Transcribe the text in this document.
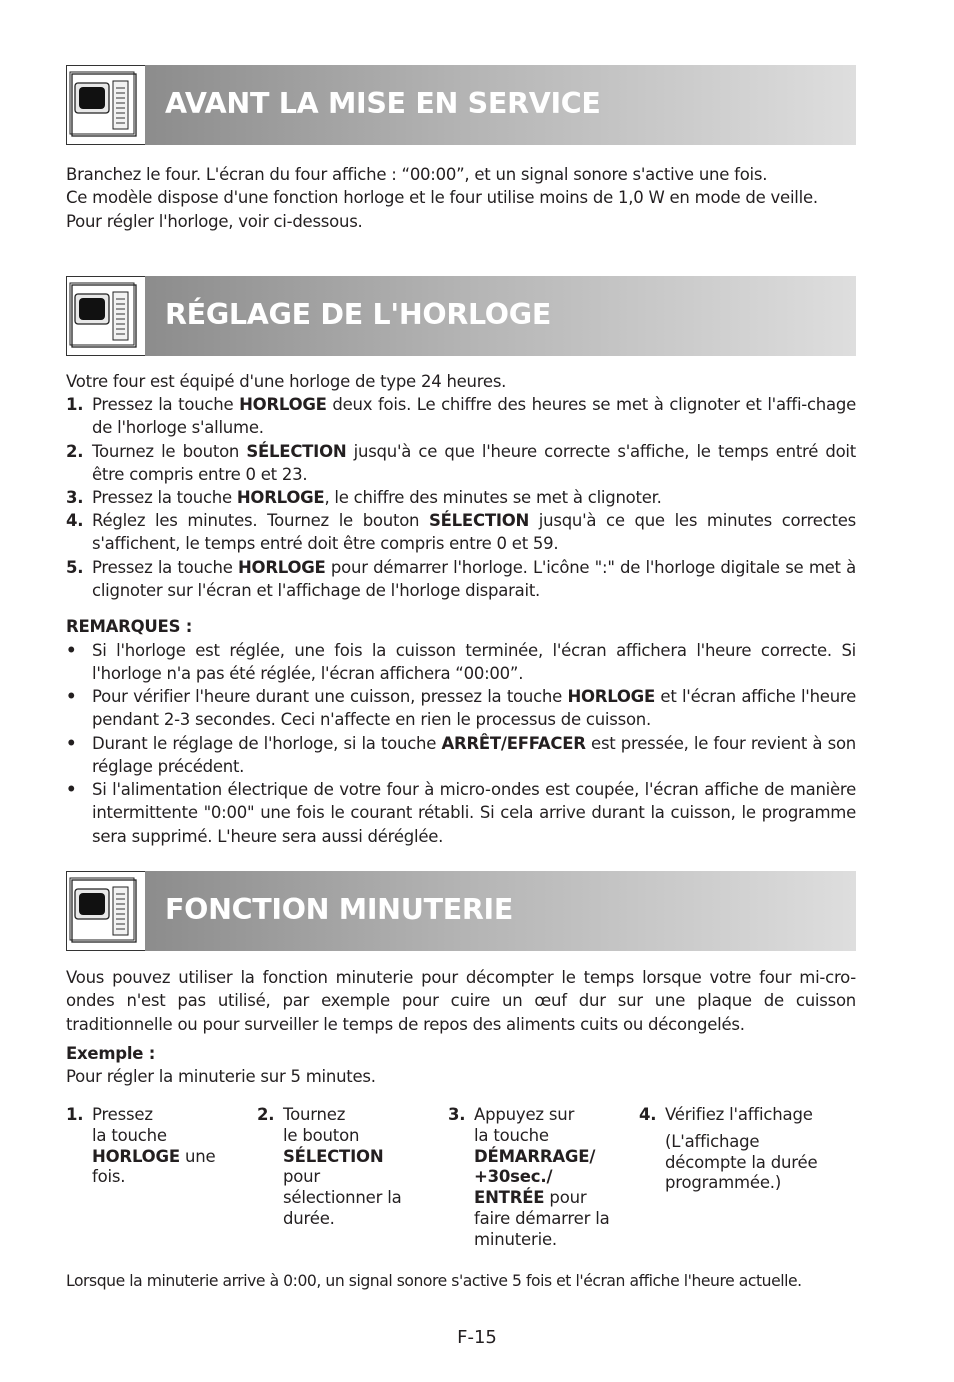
AVANT LA MISE EN SERVICE
Branchez le four. L'écran du four affiche : “00:00”, et un signal sonore s'active une fois.
Ce modèle dispose d'une fonction horloge et le four utilise moins de 1,0 W en mode de veille.
Pour régler l'horloge, voir ci-dessous.
RÉGLAGE DE L'HORLOGE
Votre four est équipé d'une horloge de type 24 heures.
1. Pressez la touche HORLOGE deux fois. Le chiffre des heures se met à clignoter et l'affi-chage de l'horloge s'allume.
2. Tournez le bouton SÉLECTION jusqu'à ce que l'heure correcte s'affiche, le temps entré doit être compris entre 0 et 23.
3. Pressez la touche HORLOGE, le chiffre des minutes se met à clignoter.
4. Réglez les minutes. Tournez le bouton SÉLECTION jusqu'à ce que les minutes correctes s'affichent, le temps entré doit être compris entre 0 et 59.
5. Pressez la touche HORLOGE pour démarrer l'horloge. L'icône ":" de l'horloge digitale se met à clignoter sur l'écran et l'affichage de l'horloge disparait.
REMARQUES :
• Si l'horloge est réglée, une fois la cuisson terminée, l'écran affichera l'heure correcte. Si l'horloge n'a pas été réglée, l'écran affichera “00:00”.
• Pour vérifier l'heure durant une cuisson, pressez la touche HORLOGE et l'écran affiche l'heure pendant 2-3 secondes. Ceci n'affecte en rien le processus de cuisson.
• Durant le réglage de l'horloge, si la touche ARRÊT/EFFACER est pressée, le four revient à son réglage précédent.
• Si l'alimentation électrique de votre four à micro-ondes est coupée, l'écran affiche de manière intermittente "0:00" une fois le courant rétabli. Si cela arrive durant la cuisson, le programme sera supprimé. L'heure sera aussi déréglée.
FONCTION MINUTERIE
Vous pouvez utiliser la fonction minuterie pour décompter le temps lorsque votre four mi-cro-ondes n'est pas utilisé, par exemple pour cuire un œuf dur sur une plaque de cuisson traditionnelle ou pour surveiller le temps de repos des aliments cuits ou décongelés.
Exemple :
Pour régler la minuterie sur 5 minutes.
1. Pressez
la touche
HORLOGE une
fois.
2. Tournez
le bouton
SÉLECTION
pour
sélectionner la
durée.
3. Appuyez sur
la touche
DÉMARRAGE/
+30sec./
ENTRÉE pour
faire démarrer la
minuterie.
4. Vérifiez l'affichage
(L'affichage
décompte la durée
programmée.)
Lorsque la minuterie arrive à 0:00, un signal sonore s'active 5 fois et l'écran affiche l'heure actuelle.
F-15
